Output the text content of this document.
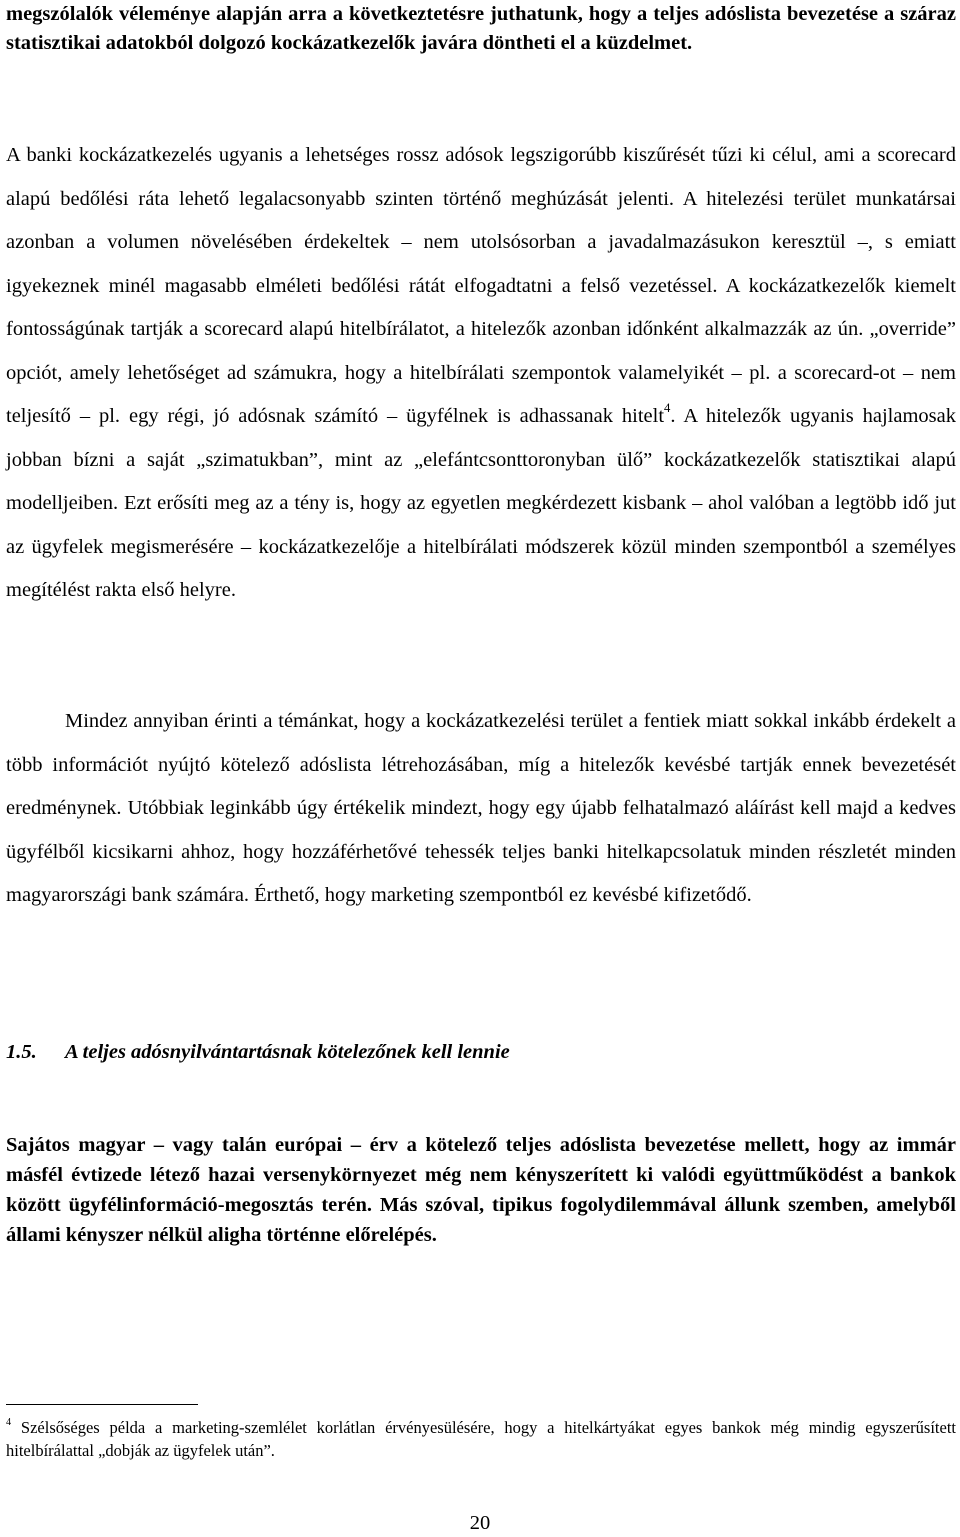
megszólalók véleménye alapján arra a következtetésre juthatunk, hogy a teljes adóslista bevezetése a száraz statisztikai adatokból dolgozó kockázatkezelők javára döntheti el a küzdelmet.
A banki kockázatkezelés ugyanis a lehetséges rossz adósok legszigorúbb kiszűrését tűzi ki célul, ami a scorecard alapú bedőlési ráta lehető legalacsonyabb szinten történő meghúzását jelenti. A hitelezési terület munkatársai azonban a volumen növelésében érdekeltek – nem utolsósorban a javadalmazásukon keresztül –, s emiatt igyekeznek minél magasabb elméleti bedőlési rátát elfogadtatni a felső vezetéssel. A kockázatkezelők kiemelt fontosságúnak tartják a scorecard alapú hitelbírálatot, a hitelezők azonban időnként alkalmazzák az ún. „override” opciót, amely lehetőséget ad számukra, hogy a hitelbírálati szempontok valamelyikét – pl. a scorecard-ot – nem teljesítő – pl. egy régi, jó adósnak számító – ügyfélnek is adhassanak hitelt$^4$. A hitelezők ugyanis hajlamosak jobban bízni a saját „szimatukban”, mint az „elefántcsonttoronyban ülő” kockázatkezelők statisztikai alapú modelljeiben. Ezt erősíti meg az a tény is, hogy az egyetlen megkérdezett kisbank – ahol valóban a legtöbb idő jut az ügyfelek megismerésére – kockázatkezelője a hitelbírálati módszerek közül minden szempontból a személyes megítélést rakta első helyre.
Mindez annyiban érinti a témánkat, hogy a kockázatkezelési terület a fentiek miatt sokkal inkább érdekelt a több információt nyújtó kötelező adóslista létrehozásában, míg a hitelezők kevésbé tartják ennek bevezetését eredménynek. Utóbbiak leginkább úgy értékelik mindezt, hogy egy újabb felhatalmazó aláírást kell majd a kedves ügyfélből kicsikarni ahhoz, hogy hozzáférhetővé tehessék teljes banki hitelkapcsolatuk minden részletét minden magyarországi bank számára. Érthető, hogy marketing szempontból ez kevésbé kifizetődő.
1.5. A teljes adósnyilvántartásnak kötelezőnek kell lennie
Sajátos magyar – vagy talán európai – érv a kötelező teljes adóslista bevezetése mellett, hogy az immár másfél évtizede létező hazai versenykörnyezet még nem kényszerített ki valódi együttműködést a bankok között ügyfélinformáció-megosztás terén. Más szóval, tipikus fogolydilemmával állunk szemben, amelyből állami kényszer nélkül aligha történne előrelépés.
$^4$ Szélsőséges példa a marketing-szemlélet korlátlan érvényesülésére, hogy a hitelkártyákat egyes bankok még mindig egyszerűsített hitelbírálattal „dobják az ügyfelek után”.
20
